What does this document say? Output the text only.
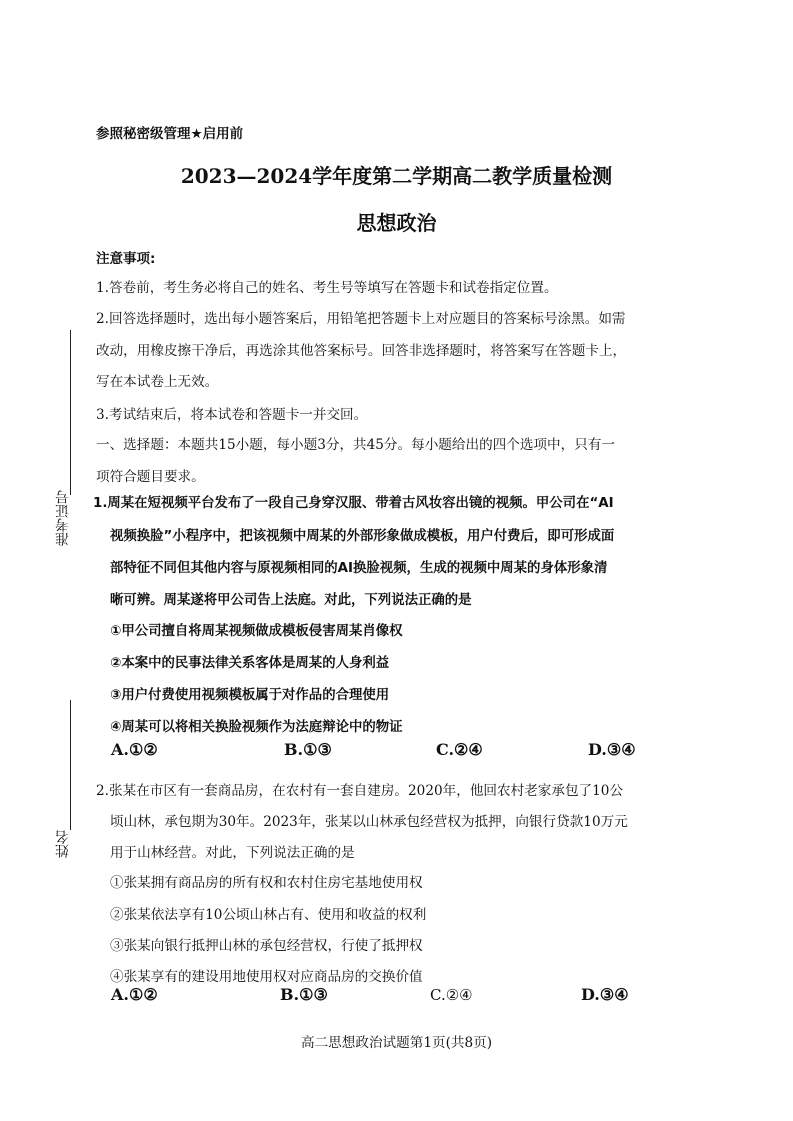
准考证号
姓名
参照秘密级管理★启用前
2023—2024学年度第二学期高二教学质量检测
思想政治
注意事项:
1.答卷前，考生务必将自己的姓名、考生号等填写在答题卡和试卷指定位置。
2.回答选择题时，选出每小题答案后，用铅笔把答题卡上对应题目的答案标号涂黑。如需
改动，用橡皮擦干净后，再选涂其他答案标号。回答非选择题时，将答案写在答题卡上，
写在本试卷上无效。
3.考试结束后，将本试卷和答题卡一并交回。
一、选择题：本题共15小题，每小题3分，共45分。每小题给出的四个选项中，只有一
项符合题目要求。
1.周某在短视频平台发布了一段自己身穿汉服、带着古风妆容出镜的视频。甲公司在“AI
视频换脸”小程序中，把该视频中周某的外部形象做成模板，用户付费后，即可形成面
部特征不同但其他内容与原视频相同的AI换脸视频，生成的视频中周某的身体形象清
晰可辨。周某遂将甲公司告上法庭。对此，下列说法正确的是
①甲公司擅自将周某视频做成模板侵害周某肖像权
②本案中的民事法律关系客体是周某的人身利益
③用户付费使用视频模板属于对作品的合理使用
④周某可以将相关换脸视频作为法庭辩论中的物证
A.①②	B.①③	C.②④	D.③④
2.张某在市区有一套商品房，在农村有一套自建房。2020年，他回农村老家承包了10公
顷山林，承包期为30年。2023年，张某以山林承包经营权为抵押，向银行贷款10万元
用于山林经营。对此，下列说法正确的是
①张某拥有商品房的所有权和农村住房宅基地使用权
②张某依法享有10公顷山林占有、使用和收益的权利
③张某向银行抵押山林的承包经营权，行使了抵押权
④张某享有的建设用地使用权对应商品房的交换价值
A.①②	B.①③	C.②④	D.③④
高二思想政治试题第1页(共8页)
